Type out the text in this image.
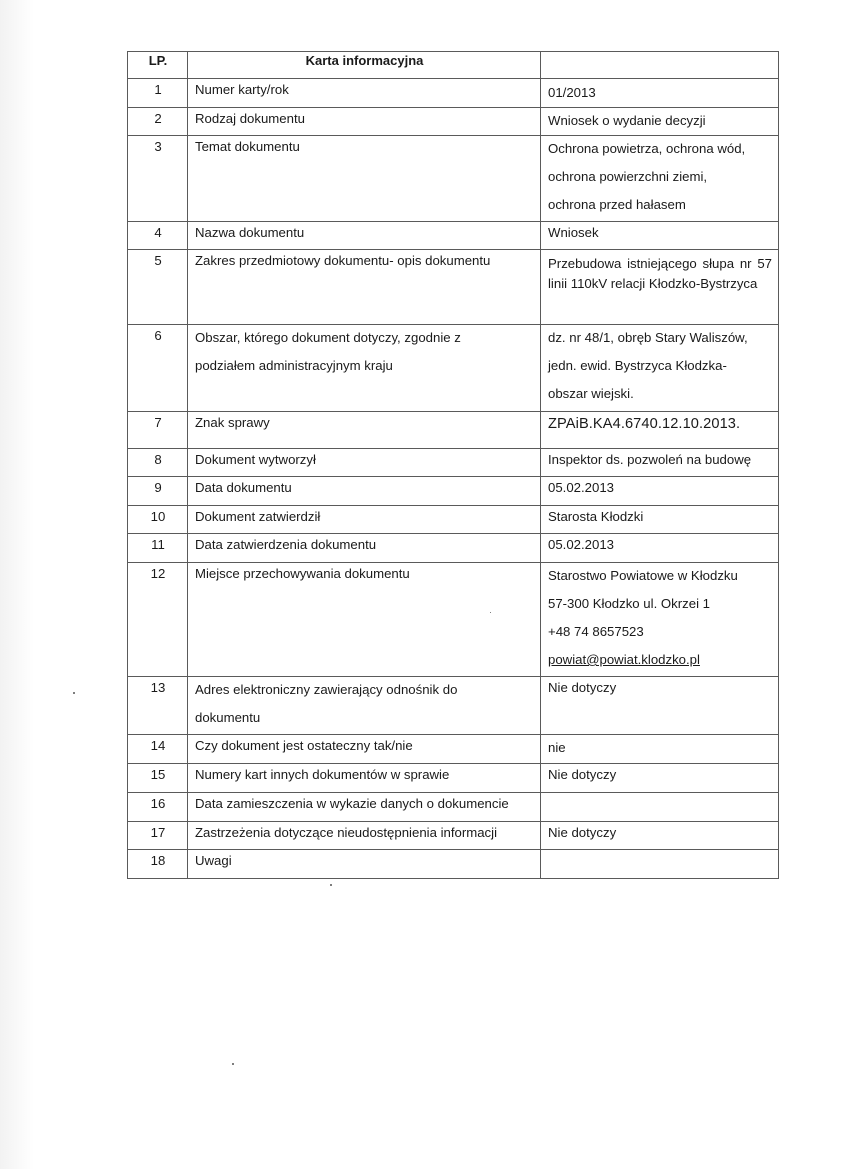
LP.	Karta informacyjna	
1	Numer karty/rok	01/2013
2	Rodzaj dokumentu	Wniosek o wydanie decyzji
3	Temat dokumentu	Ochrona powietrza, ochrona wód,
ochrona powierzchni ziemi,
ochrona przed hałasem

4	Nazwa dokumentu	Wniosek
5	Zakres przedmiotowy dokumentu- opis dokumentu	Przebudowa istniejącego słupa nr 57 linii 110kV relacji Kłodzko-Bystrzyca
6	Obszar, którego dokument dotyczy, zgodnie z
podziałem administracyjnym kraju	dz. nr 48/1, obręb Stary Waliszów,
jedn. ewid. Bystrzyca Kłodzka-
obszar wiejski.

7	Znak sprawy	ZPAiB.KA4.6740.12.10.2013.
8	Dokument wytworzył	Inspektor ds. pozwoleń na budowę
9	Data dokumentu	05.02.2013
10	Dokument zatwierdził	Starosta Kłodzki
11	Data zatwierdzenia dokumentu	05.02.2013
12	Miejsce przechowywania dokumentu	Starostwo Powiatowe w Kłodzku
57-300 Kłodzko ul. Okrzei 1
+48 74 8657523
powiat@powiat.klodzko.pl

13	Adres elektroniczny zawierający odnośnik do
dokumentu	Nie dotyczy
14	Czy dokument jest ostateczny tak/nie	nie
15	Numery kart innych dokumentów w sprawie	Nie dotyczy
16	Data zamieszczenia w wykazie danych o dokumencie	
17	Zastrzeżenia dotyczące nieudostępnienia informacji	Nie dotyczy
18	Uwagi	
